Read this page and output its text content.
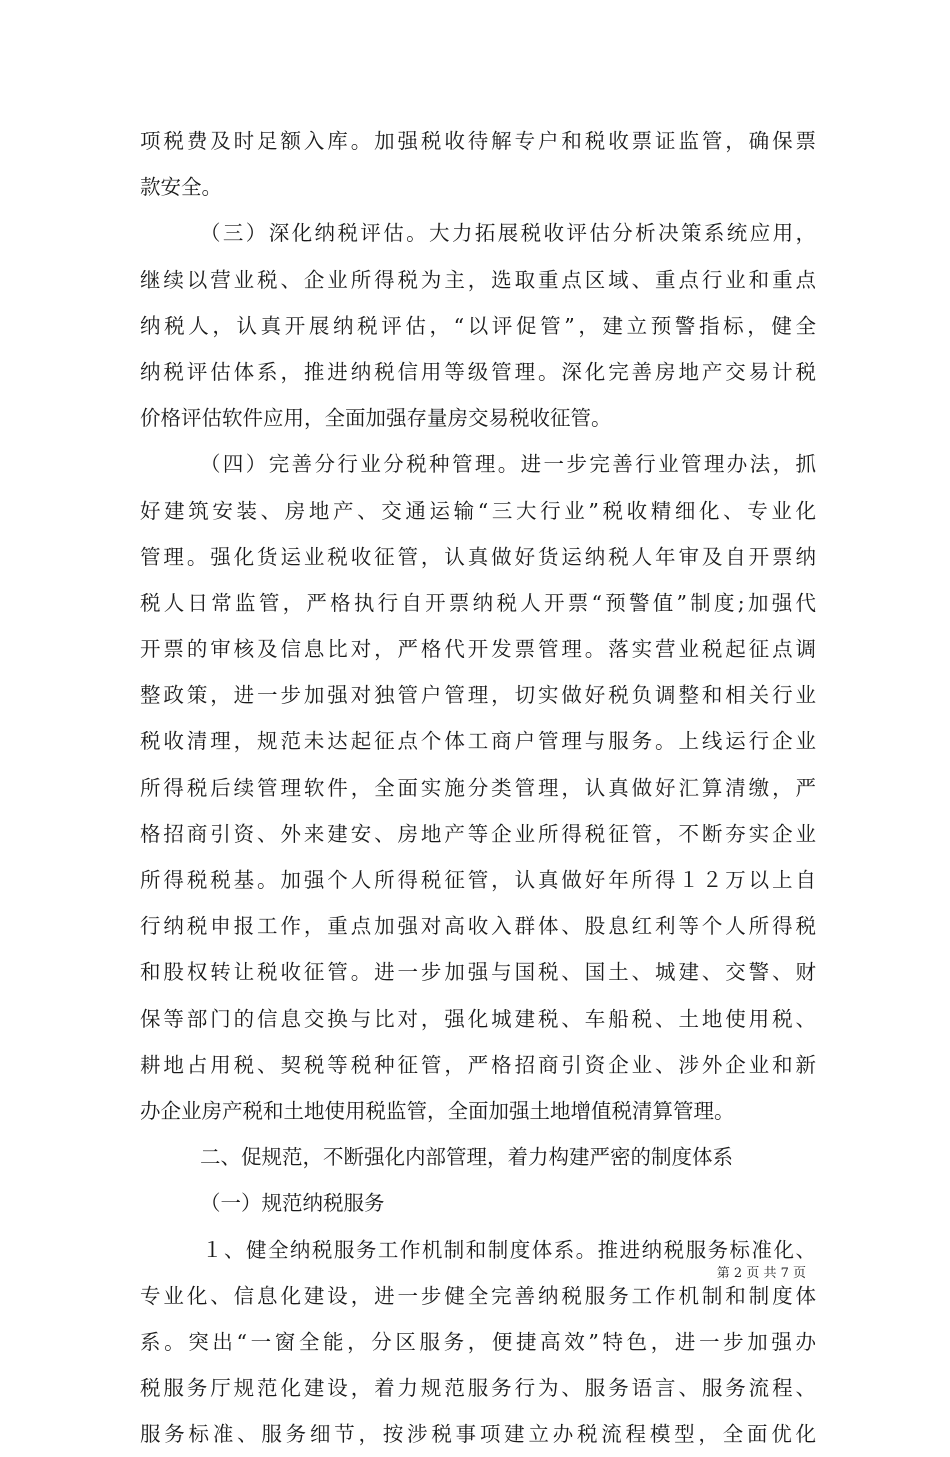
项税费及时足额入库。加强税收待解专户和税收票证监管，确保票
款安全。
（三）深化纳税评估。大力拓展税收评估分析决策系统应用，
继续以营业税、企业所得税为主，选取重点区域、重点行业和重点
纳税人，认真开展纳税评估，“以评促管”，建立预警指标，健全
纳税评估体系，推进纳税信用等级管理。深化完善房地产交易计税
价格评估软件应用，全面加强存量房交易税收征管。
（四）完善分行业分税种管理。进一步完善行业管理办法，抓
好建筑安装、房地产、交通运输“三大行业”税收精细化、专业化
管理。强化货运业税收征管，认真做好货运纳税人年审及自开票纳
税人日常监管，严格执行自开票纳税人开票“预警值”制度;加强代
开票的审核及信息比对，严格代开发票管理。落实营业税起征点调
整政策，进一步加强对独管户管理，切实做好税负调整和相关行业
税收清理，规范未达起征点个体工商户管理与服务。上线运行企业
所得税后续管理软件，全面实施分类管理，认真做好汇算清缴，严
格招商引资、外来建安、房地产等企业所得税征管，不断夯实企业
所得税税基。加强个人所得税征管，认真做好年所得１２万以上自
行纳税申报工作，重点加强对高收入群体、股息红利等个人所得税
和股权转让税收征管。进一步加强与国税、国土、城建、交警、财
保等部门的信息交换与比对，强化城建税、车船税、土地使用税、
耕地占用税、契税等税种征管，严格招商引资企业、涉外企业和新
办企业房产税和土地使用税监管，全面加强土地增值税清算管理。
二、促规范，不断强化内部管理，着力构建严密的制度体系
（一）规范纳税服务
１、健全纳税服务工作机制和制度体系。推进纳税服务标准化、
专业化、信息化建设，进一步健全完善纳税服务工作机制和制度体
系。突出“一窗全能，分区服务，便捷高效”特色，进一步加强办
税服务厅规范化建设，着力规范服务行为、服务语言、服务流程、
服务标准、服务细节，按涉税事项建立办税流程模型，全面优化
第 2 页 共 7 页
